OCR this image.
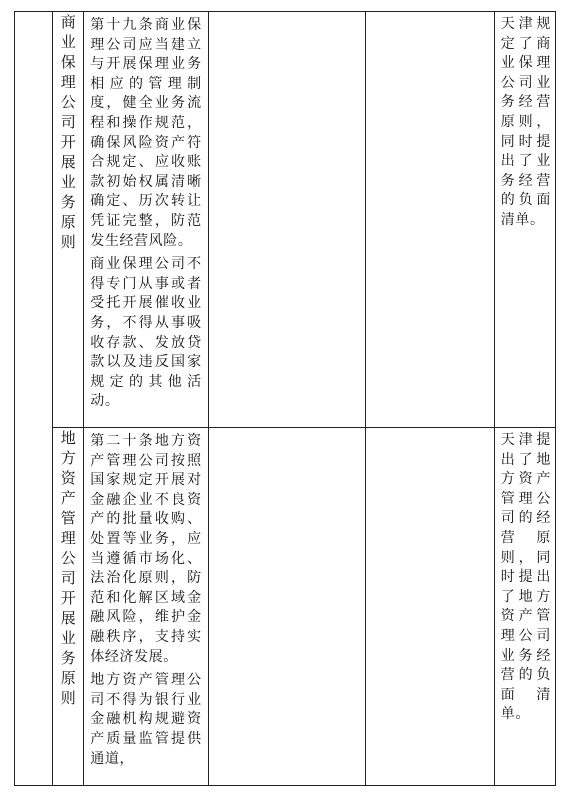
	商业保理公司开展业务原则	第十九条商业保理公司应当建立与开展保理业务相应的管理制度，健全业务流程和操作规范，确保风险资产符合规定、应收账款初始权属清晰确定、历次转让凭证完整，防范发生经营风险。
商业保理公司不得专门从事或者受托开展催收业务，不得从事吸收存款、发放贷款以及违反国家规定的其他活动。			天津规定了商业保理公司业务经营原则，同时提出了业务经营的负面清单。

	地方资产管理公司开展业务原则	第二十条地方资产管理公司按照国家规定开展对金融企业不良资产的批量收购、处置等业务，应当遵循市场化、法治化原则，防范和化解区域金融风险，维护金融秩序，支持实体经济发展。
地方资产管理公司不得为银行业金融机构规避资产质量监管提供通道，			天津提出了地方资产管理公司的经营原则，同时提出了地方资产管理公司业务经营的负面清单。
